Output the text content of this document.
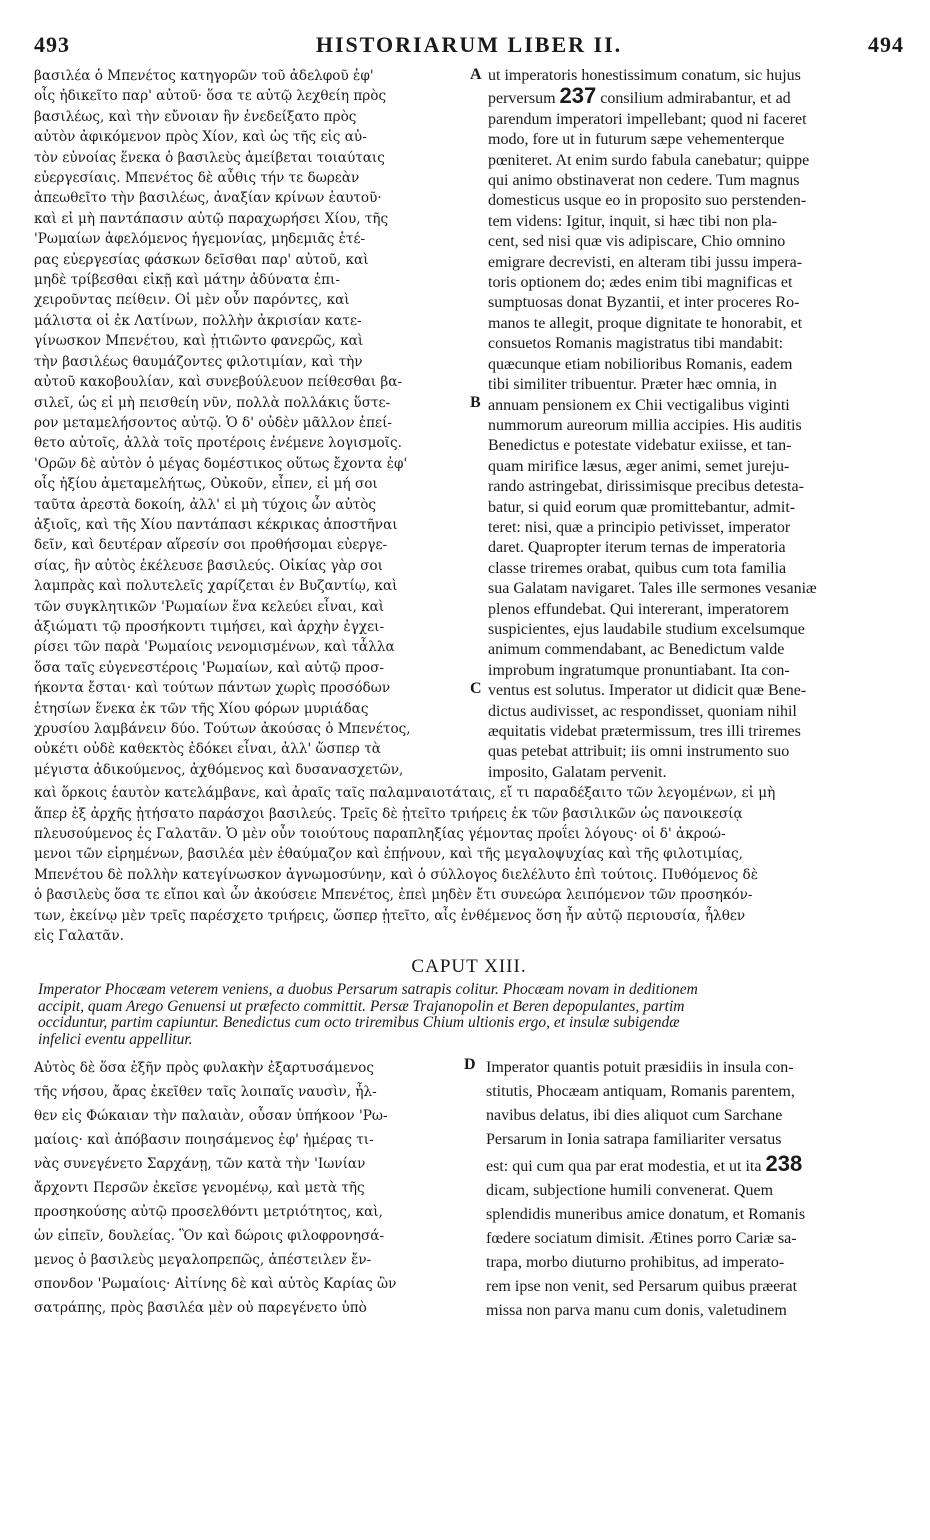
493	HISTORIARUM LIBER II.	494
βασιλέα ὁ Μπενέτος κατηγορῶν τοῦ ἀδελφοῦ ἐφ'
οἷς ἠδικεῖτο παρ' αὐτοῦ· ὅσα τε αὐτῷ λεχθείη πρὸς
βασιλέως, καὶ τὴν εὔνοιαν ἣν ἐνεδείξατο πρὸς
αὐτὸν ἀφικόμενον πρὸς Χίον, καὶ ὡς τῆς εἰς αὐ-
τὸν εὐνοίας ἕνεκα ὁ βασιλεὺς ἀμείβεται τοιαύταις
εὐεργεσίαις. Μπενέτος δὲ αὖθις τήν τε δωρεὰν
ἀπεωθεῖτο τὴν βασιλέως, ἀναξίαν κρίνων ἑαυτοῦ·
καὶ εἰ μὴ παντάπασιν αὐτῷ παραχωρήσει Χίου, τῆς
'Ρωμαίων ἀφελόμενος ἡγεμονίας, μηδεμιᾶς ἑτέ-
ρας εὐεργεσίας φάσκων δεῖσθαι παρ' αὐτοῦ, καὶ
μηδὲ τρίβεσθαι εἰκῇ καὶ μάτην ἀδύνατα ἐπι-
χειροῦντας πείθειν. Οἱ μὲν οὖν παρόντες, καὶ
μάλιστα οἱ ἐκ Λατίνων, πολλὴν ἀκρισίαν κατε-
γίνωσκον Μπενέτου, καὶ ᾐτιῶντο φανερῶς, καὶ
τὴν βασιλέως θαυμάζοντες φιλοτιμίαν, καὶ τὴν
αὐτοῦ κακοβουλίαν, καὶ συνεβούλευον πείθεσθαι βα-
σιλεῖ, ὡς εἰ μὴ πεισθείη νῦν, πολλὰ πολλάκις ὕστε-
ρον μεταμελήσοντος αὐτῷ. Ὁ δ' οὐδὲν μᾶλλον ἐπεί-
θετο αὐτοῖς, ἀλλὰ τοῖς προτέροις ἐνέμενε λογισμοῖς.
'Ορῶν δὲ αὐτὸν ὁ μέγας δομέστικος οὕτως ἔχοντα ἐφ'
οἷς ἠξίου ἀμεταμελήτως, Οὐκοῦν, εἶπεν, εἰ μή σοι
ταῦτα ἀρεστὰ δοκοίη, ἀλλ' εἰ μὴ τύχοις ὧν αὐτὸς
ἀξιοῖς, καὶ τῆς Χίου παντάπασι κέκρικας ἀποστῆναι
δεῖν, καὶ δευτέραν αἵρεσίν σοι προθήσομαι εὐεργε-
σίας, ἣν αὐτὸς ἐκέλευσε βασιλεύς. Οἰκίας γὰρ σοι
λαμπρὰς καὶ πολυτελεῖς χαρίζεται ἐν Βυζαντίῳ, καὶ
τῶν συγκλητικῶν 'Ρωμαίων ἕνα κελεύει εἶναι, καὶ
ἀξιώματι τῷ προσήκοντι τιμήσει, καὶ ἀρχὴν ἐγχει-
ρίσει τῶν παρὰ 'Ρωμαίοις νενομισμένων, καὶ τἆλλα
ὅσα ταῖς εὐγενεστέροις 'Ρωμαίων, καὶ αὐτῷ προσ-
ήκοντα ἔσται· καὶ τούτων πάντων χωρὶς προσόδων
ἐτησίων ἕνεκα ἐκ τῶν τῆς Χίου φόρων μυριάδας
χρυσίου λαμβάνειν δύο. Τούτων ἀκούσας ὁ Μπενέτος,
οὐκέτι οὐδὲ καθεκτὸς ἐδόκει εἶναι, ἀλλ' ὥσπερ τὰ
μέγιστα ἀδικούμενος, ἀχθόμενος καὶ δυσανασχετῶν,
A
B
C
ut imperatoris honestissimum conatum, sic hujus
perversum 237 consilium admirabantur, et ad
parendum imperatori impellebant; quod ni faceret
modo, fore ut in futurum sæpe vehementerque
pœniteret. At enim surdo fabula canebatur; quippe
qui animo obstinaverat non cedere. Tum magnus
domesticus usque eo in proposito suo perstenden-
tem videns: Igitur, inquit, si hæc tibi non pla-
cent, sed nisi quæ vis adipiscare, Chio omnino
emigrare decrevisti, en alteram tibi jussu impera-
toris optionem do; ædes enim tibi magnificas et
sumptuosas donat Byzantii, et inter proceres Ro-
manos te allegit, proque dignitate te honorabit, et
consuetos Romanis magistratus tibi mandabit:
quæcunque etiam nobilioribus Romanis, eadem
tibi similiter tribuentur. Præter hæc omnia, in
annuam pensionem ex Chii vectigalibus viginti
nummorum aureorum millia accipies. His auditis
Benedictus e potestate videbatur exiisse, et tan-
quam mirifice læsus, æger animi, semet jureju-
rando astringebat, dirissimisque precibus detesta-
batur, si quid eorum quæ promittebantur, admit-
teret: nisi, quæ a principio petivisset, imperator
daret. Quapropter iterum ternas de imperatoria
classe triremes orabat, quibus cum tota familia
sua Galatam navigaret. Tales ille sermones vesaniæ
plenos effundebat. Qui intererant, imperatorem
suspicientes, ejus laudabile studium excelsumque
animum commendabant, ac Benedictum valde
improbum ingratumque pronuntiabant. Ita con-
ventus est solutus. Imperator ut didicit quæ Bene-
dictus audivisset, ac respondisset, quoniam nihil
æquitatis videbat prætermissum, tres illi triremes
quas petebat attribuit; iis omni instrumento suo
imposito, Galatam pervenit.
καὶ ὅρκοις ἑαυτὸν κατελάμβανε, καὶ ἀραῖς ταῖς παλαμναιοτάταις, εἴ τι παραδέξαιτο τῶν λεγομένων, εἰ μὴ
ἅπερ ἐξ ἀρχῆς ᾐτήσατο παράσχοι βασιλεύς. Τρεῖς δὲ ᾐτεῖτο τριήρεις ἐκ τῶν βασιλικῶν ὡς πανοικεσίᾳ
πλευσούμενος ἐς Γαλατᾶν. Ὁ μὲν οὖν τοιούτους παραπληξίας γέμοντας προΐει λόγους· οἱ δ' ἀκροώ-
μενοι τῶν εἰρημένων, βασιλέα μὲν ἐθαύμαζον καὶ ἐπῄνουν, καὶ τῆς μεγαλοψυχίας καὶ τῆς φιλοτιμίας,
Μπενέτου δὲ πολλὴν κατεγίνωσκον ἀγνωμοσύνην, καὶ ὁ σύλλογος διελέλυτο ἐπὶ τούτοις. Πυθόμενος δὲ
ὁ βασιλεὺς ὅσα τε εἴποι καὶ ὧν ἀκούσειε Μπενέτος, ἐπεὶ μηδὲν ἔτι συνεώρα λειπόμενον τῶν προσηκόν-
των, ἐκείνῳ μὲν τρεῖς παρέσχετο τριήρεις, ὥσπερ ᾐτεῖτο, αἷς ἐνθέμενος ὅση ἦν αὐτῷ περιουσία, ἧλθεν
εἰς Γαλατᾶν.
CAPUT XIII.
Imperator Phocæam veterem veniens, a duobus Persarum satrapis colitur. Phocæam novam in deditionem
accipit, quam Arego Genuensi ut præfecto committit. Persæ Trajanopolin et Beren depopulantes, partim
occiduntur, partim capiuntur. Benedictus cum octo triremibus Chium ultionis ergo, et insulæ subigendæ
infelici eventu appellitur.
Αὐτὸς δὲ ὅσα ἐξῆν πρὸς φυλακὴν ἐξαρτυσάμενος
τῆς νήσου, ἄρας ἐκεῖθεν ταῖς λοιπαῖς ναυσὶν, ἦλ-
θεν εἰς Φώκαιαν τὴν παλαιὰν, οὖσαν ὑπήκοον 'Ρω-
μαίοις· καὶ ἀπόβασιν ποιησάμενος ἐφ' ἡμέρας τι-
νὰς συνεγένετο Σαρχάνῃ, τῶν κατὰ τὴν 'Ιωνίαν
ἄρχοντι Περσῶν ἐκεῖσε γενομένῳ, καὶ μετὰ τῆς
προσηκούσης αὐτῷ προσελθόντι μετριότητος, καὶ,
ὡν εἰπεῖν, δουλείας. Ὃν καὶ δώροις φιλοφρονησά-
μενος ὁ βασιλεὺς μεγαλοπρεπῶς, ἀπέστειλεν ἔν-
σπονδον 'Ρωμαίοις· Αἰτίνης δὲ καὶ αὐτὸς Καρίας ὢν
σατράπης, πρὸς βασιλέα μὲν οὐ παρεγένετο ὑπὸ
D Imperator quantis potuit præsidiis in insula con-
stitutis, Phocæam antiquam, Romanis parentem,
navibus delatus, ibi dies aliquot cum Sarchane
Persarum in Ionia satrapa familiariter versatus
est: qui cum qua par erat modestia, et ut ita 238
dicam, subjectione humili convenerat. Quem
splendidis muneribus amice donatum, et Romanis
fœdere sociatum dimisit. Ætines porro Cariæ sa-
trapa, morbo diuturno prohibitus, ad imperato-
rem ipse non venit, sed Persarum quibus præerat
missa non parva manu cum donis, valetudinem
